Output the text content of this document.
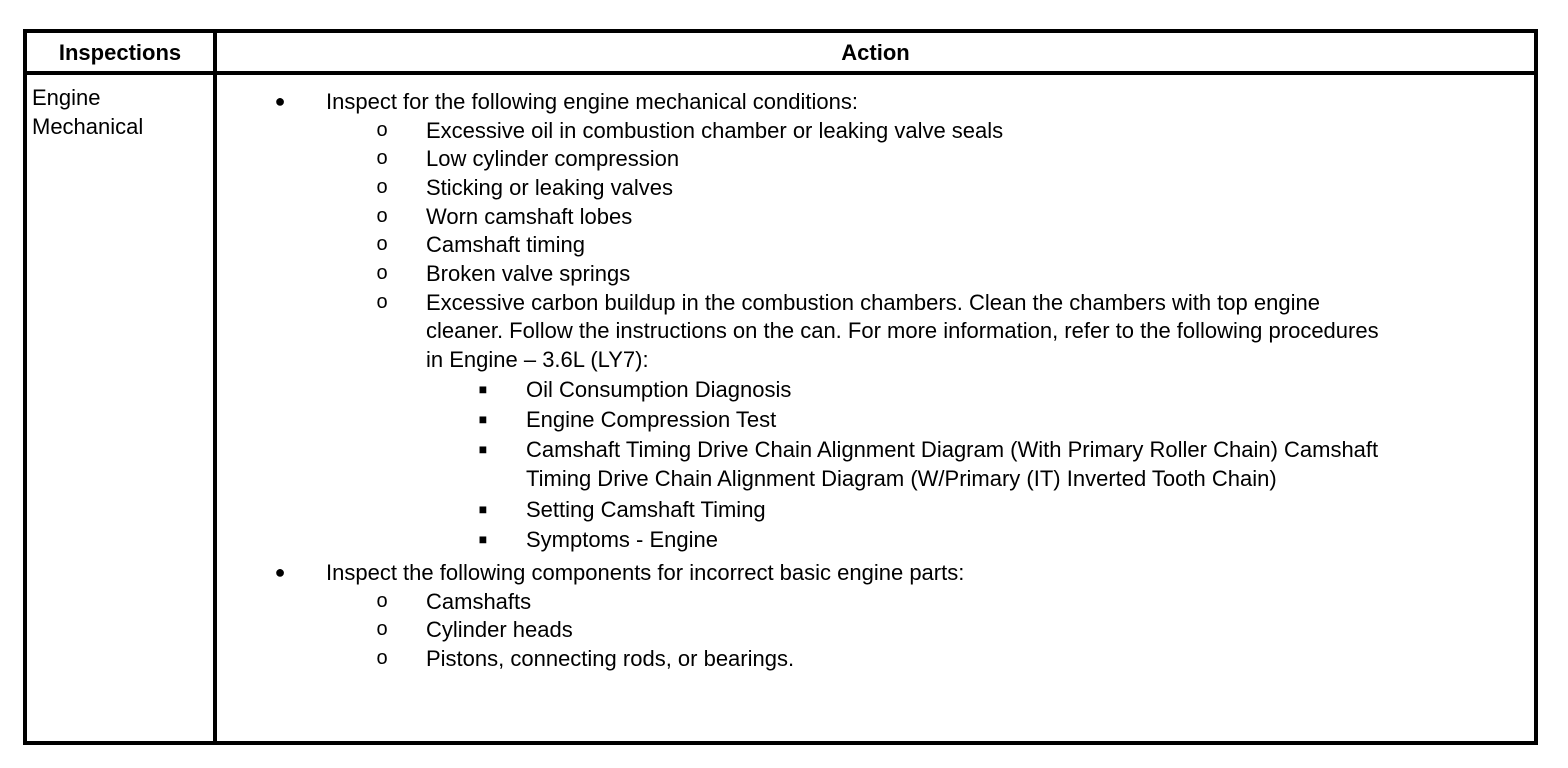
Inspections	Action
Engine
Mechanical
● Inspect for the following engine mechanical conditions:
o Excessive oil in combustion chamber or leaking valve seals
o Low cylinder compression
o Sticking or leaking valves
o Worn camshaft lobes
o Camshaft timing
o Broken valve springs
o Excessive carbon buildup in the combustion chambers. Clean the chambers with top engine
cleaner. Follow the instructions on the can. For more information, refer to the following procedures
in Engine – 3.6L (LY7):
■ Oil Consumption Diagnosis
■ Engine Compression Test
■ Camshaft Timing Drive Chain Alignment Diagram (With Primary Roller Chain) Camshaft
Timing Drive Chain Alignment Diagram (W/Primary (IT) Inverted Tooth Chain)
■ Setting Camshaft Timing
■ Symptoms - Engine
● Inspect the following components for incorrect basic engine parts:
o Camshafts
o Cylinder heads
o Pistons, connecting rods, or bearings.
